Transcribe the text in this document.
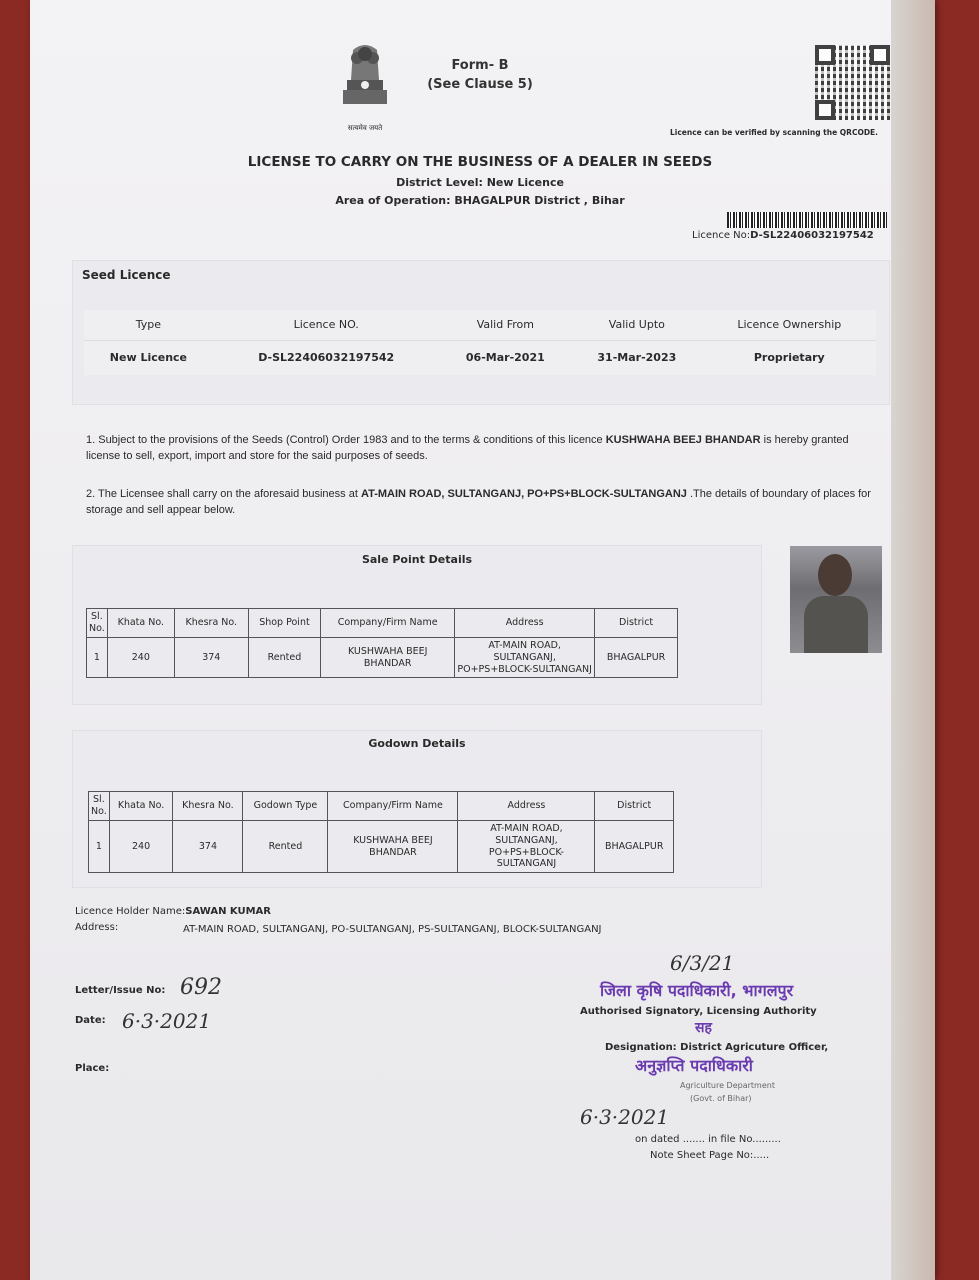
सत्यमेव जयते
Form- B
(See Clause 5)
Licence can be verified by scanning the QRCODE.
LICENSE TO CARRY ON THE BUSINESS OF A DEALER IN SEEDS
District Level: New Licence
Area of Operation: BHAGALPUR District , Bihar
Licence No:D-SL22406032197542
Seed Licence
Type	Licence NO.	Valid From	Valid Upto	Licence Ownership
New Licence	D-SL22406032197542	06-Mar-2021	31-Mar-2023	Proprietary
1. Subject to the provisions of the Seeds (Control) Order 1983 and to the terms & conditions of this licence KUSHWAHA BEEJ BHANDAR is hereby granted license to sell, export, import and store for the said purposes of seeds.
2. The Licensee shall carry on the aforesaid business at AT-MAIN ROAD, SULTANGANJ, PO+PS+BLOCK-SULTANGANJ .The details of boundary of places for storage and sell appear below.
Sale Point Details
Sl. No.	Khata No.	Khesra No.	Shop Point	Company/Firm Name	Address	District
1	240	374	Rented	KUSHWAHA BEEJ BHANDAR	AT-MAIN ROAD, SULTANGANJ, PO+PS+BLOCK-SULTANGANJ	BHAGALPUR
Godown Details
Sl. No.	Khata No.	Khesra No.	Godown Type	Company/Firm Name	Address	District
1	240	374	Rented	KUSHWAHA BEEJ BHANDAR	AT-MAIN ROAD, SULTANGANJ, PO+PS+BLOCK-SULTANGANJ	BHAGALPUR
Licence Holder Name:SAWAN KUMAR
Address:	AT-MAIN ROAD, SULTANGANJ, PO-SULTANGANJ, PS-SULTANGANJ, BLOCK-SULTANGANJ
Letter/Issue No: 692
Date: 6·3·2021
Place:
6/3/21
जिला कृषि पदाधिकारी, भागलपुर
Authorised Signatory, Licensing Authority
सह
Designation: District Agricuture Officer,
अनुज्ञप्ति पदाधिकारी
Agriculture Department
(Govt. of Bihar)
6·3·2021
on dated ....... in file No.........
Note Sheet Page No:.....
